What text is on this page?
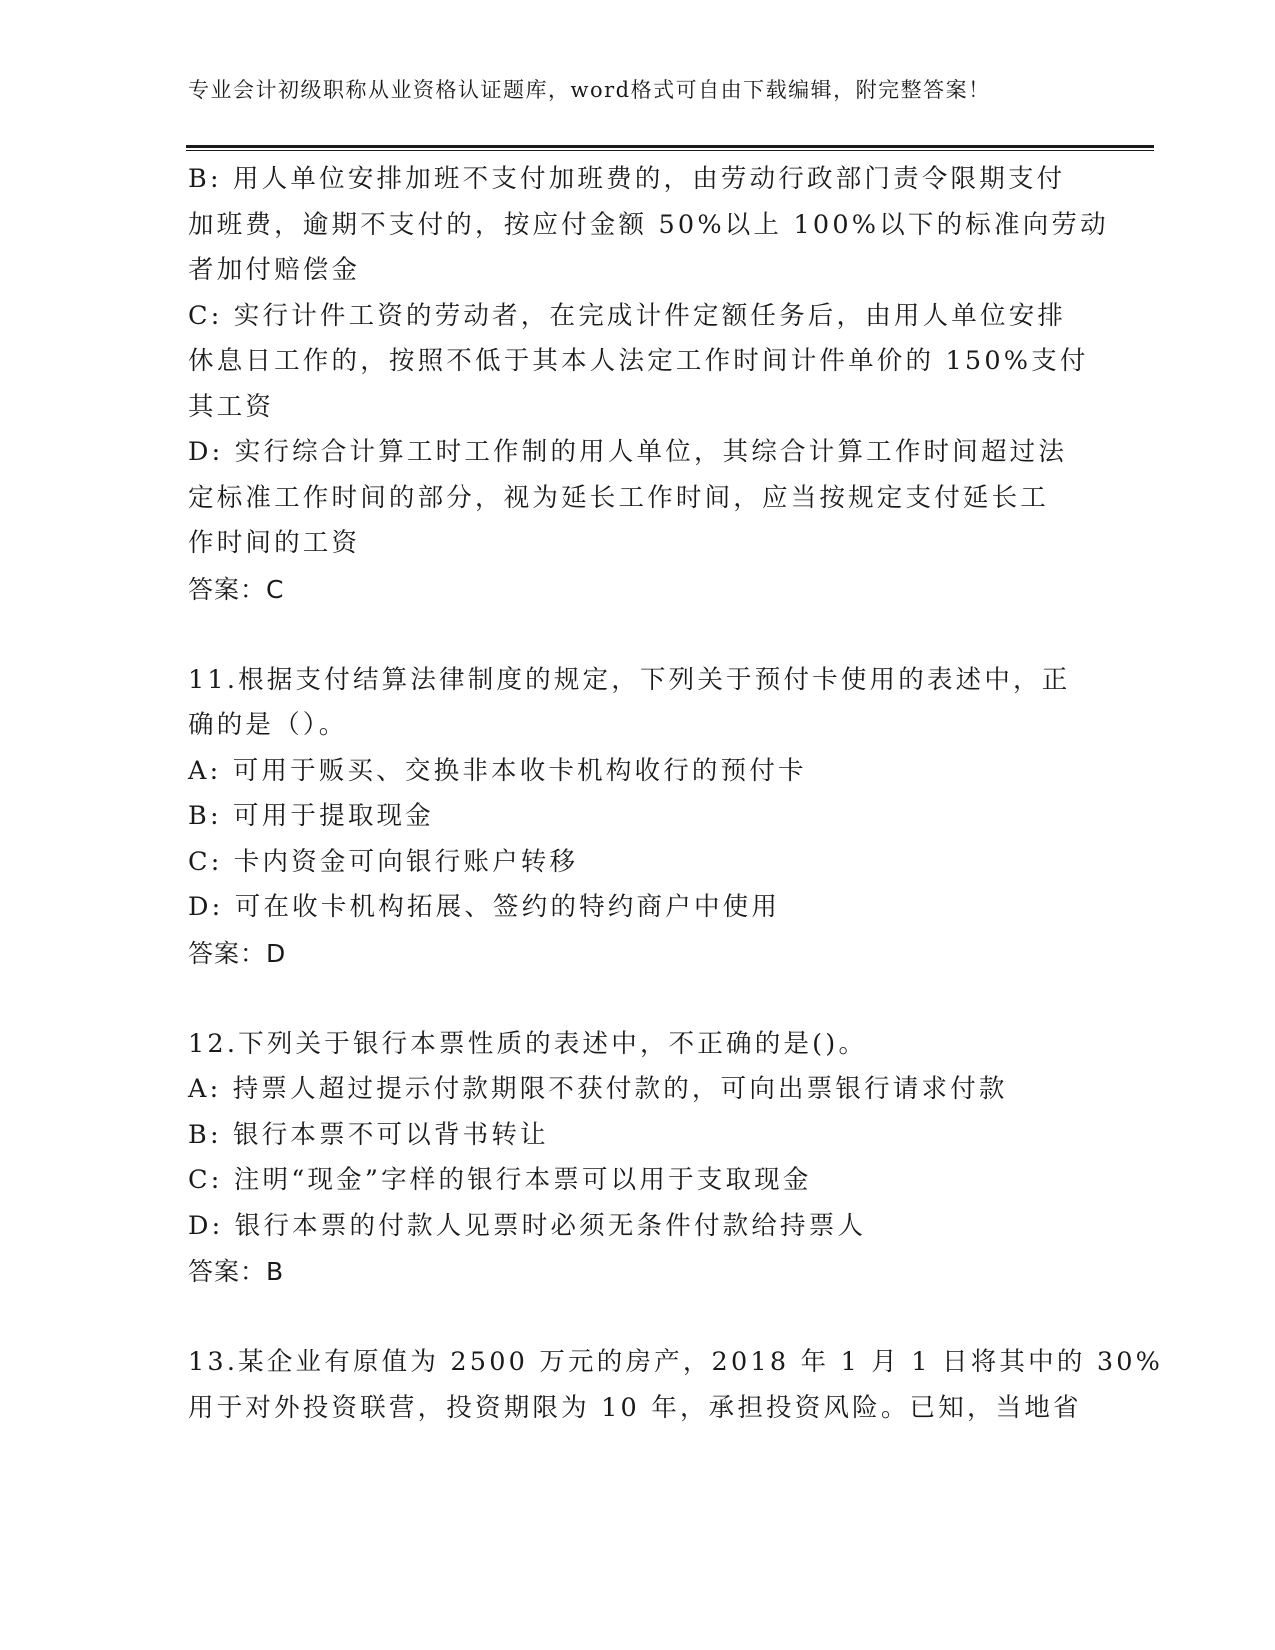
专业会计初级职称从业资格认证题库，word格式可自由下载编辑，附完整答案！
B: 用人单位安排加班不支付加班费的，由劳动行政部门责令限期支付
加班费，逾期不支付的，按应付金额 50%以上 100%以下的标准向劳动
者加付赔偿金
C: 实行计件工资的劳动者，在完成计件定额任务后，由用人单位安排
休息日工作的，按照不低于其本人法定工作时间计件单价的 150%支付
其工资
D: 实行综合计算工时工作制的用人单位，其综合计算工作时间超过法
定标准工作时间的部分，视为延长工作时间，应当按规定支付延长工
作时间的工资
答案：C
11.根据支付结算法律制度的规定，下列关于预付卡使用的表述中，正
确的是（）。
A: 可用于贩买、交换非本收卡机构收行的预付卡
B: 可用于提取现金
C: 卡内资金可向银行账户转移
D: 可在收卡机构拓展、签约的特约商户中使用
答案：D
12.下列关于银行本票性质的表述中，不正确的是()。
A: 持票人超过提示付款期限不获付款的，可向出票银行请求付款
B: 银行本票不可以背书转让
C: 注明“现金”字样的银行本票可以用于支取现金
D: 银行本票的付款人见票时必须无条件付款给持票人
答案：B
13.某企业有原值为 2500 万元的房产，2018 年 1 月 1 日将其中的 30%
用于对外投资联营，投资期限为 10 年，承担投资风险。已知，当地省
